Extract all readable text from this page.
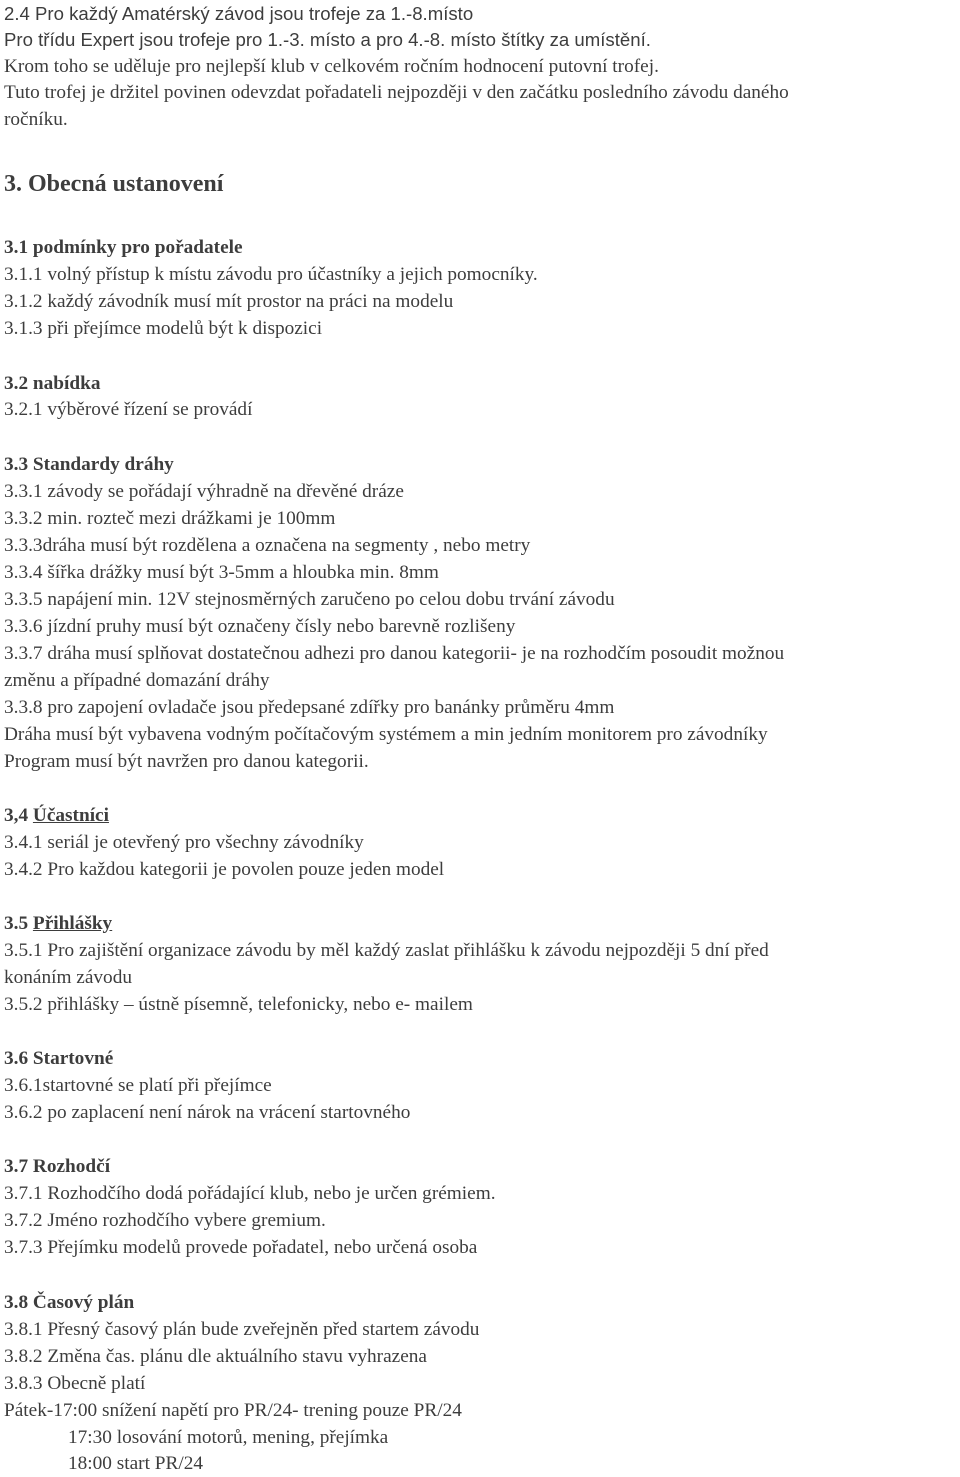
2.4 Pro každý Amatérský závod jsou trofeje za 1.-8.místo
Pro třídu Expert jsou trofeje pro 1.-3. místo a pro 4.-8. místo štítky za umístění.
Krom toho se uděluje pro nejlepší klub v celkovém ročním hodnocení putovní trofej.
Tuto trofej je držitel povinen odevzdat pořadateli nejpozději v den začátku posledního závodu daného
ročníku.
3. Obecná ustanovení
3.1 podmínky pro pořadatele
3.1.1 volný přístup k místu závodu pro účastníky a jejich pomocníky.
3.1.2 každý závodník musí mít prostor na práci na modelu
3.1.3 při přejímce modelů být k dispozici
3.2 nabídka
3.2.1 výběrové řízení se provádí
3.3 Standardy dráhy
3.3.1 závody se pořádají výhradně na dřevěné dráze
3.3.2 min. rozteč mezi drážkami je 100mm
3.3.3dráha musí být rozdělena a označena na segmenty , nebo metry
3.3.4 šířka drážky musí být 3-5mm a hloubka min. 8mm
3.3.5 napájení min. 12V stejnosměrných zaručeno po celou dobu trvání závodu
3.3.6 jízdní pruhy musí být označeny čísly nebo barevně rozlišeny
3.3.7 dráha musí splňovat dostatečnou adhezi pro danou kategorii- je na rozhodčím posoudit možnou
změnu a případné domazání dráhy
3.3.8 pro zapojení ovladače jsou předepsané zdířky pro banánky průměru 4mm
Dráha musí být vybavena vodným počítačovým systémem a min jedním monitorem pro závodníky
Program musí být navržen pro danou kategorii.
3,4 Účastníci
3.4.1 seriál je otevřený pro všechny závodníky
3.4.2 Pro každou kategorii je povolen pouze jeden model
3.5 Přihlášky
3.5.1 Pro zajištění organizace závodu by měl každý zaslat přihlášku k závodu nejpozději 5 dní před
konáním závodu
3.5.2 přihlášky – ústně písemně, telefonicky, nebo e- mailem
3.6 Startovné
3.6.1startovné se platí při přejímce
3.6.2 po zaplacení není nárok na vrácení startovného
3.7 Rozhodčí
3.7.1 Rozhodčího dodá pořádající klub, nebo je určen grémiem.
3.7.2 Jméno rozhodčího vybere gremium.
3.7.3 Přejímku modelů provede pořadatel, nebo určená osoba
3.8 Časový plán
3.8.1 Přesný časový plán bude zveřejněn před startem závodu
3.8.2 Změna čas. plánu dle aktuálního stavu vyhrazena
3.8.3 Obecně platí
Pátek-17:00 snížení napětí pro PR/24- trening pouze PR/24
17:30 losování motorů, mening, přejímka
18:00 start PR/24
